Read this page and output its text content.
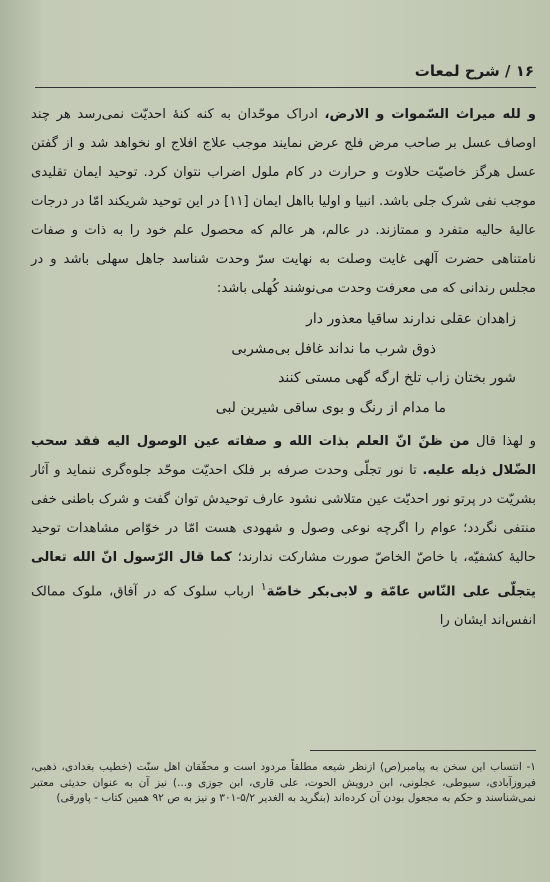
۱۶ / شرح لمعات

و لله میراث السّموات و الارض، ادراک موحّدان به کنه کنهٔ احدیّت نمی‌رسد هر چند اوصاف عسل بر صاحب مرض فلج عرض نمایند موجب علاج افلاج او نخواهد شد و از گفتن عسل هرگز خاصیّت حلاوت و حرارت در کام ملول اضراب نتوان کرد. توحید ایمان تقلیدی موجب نفی شرک جلی باشد. انبیا و اولیا بااهل ایمان [۱۱] در این توحید شریکند امّا در درجات عالیهٔ حالیه متفرد و ممتازند. در عالم، هر عالم که محصول علم خود را به ذات و صفات نامتناهی حضرت آلهی غایت وصلت به نهایت سرّ وحدت شناسد جاهل سهلی باشد و در مجلس رندانی که می معرفت وحدت می‌نوشند کُهلی باشد:

زاهدان عقلی ندارند ساقیا معذور دار
ذوق شرب ما نداند غافل بی‌مشربی
شور بختان زاب تلخ ارگه گهی مستی کنند
ما مدام از رنگ و بوی ساقی شیرین لبی

و لهذا قال من ظنّ انّ العلم بذات الله و صفاته عین الوصول الیه فقد سحب الضّلال ذیله علیه. تا نور تجلّی وحدت صرفه بر فلک احدیّت موحّد جلوه‌گری ننماید و آثار بشریّت در پرتو نور احدیّت عین متلاشی نشود عارف توحیدش توان گفت و شرک باطنی خفی منتفی نگردد؛ عوام را اگرچه نوعی وصول و شهودی هست امّا در خوّاص مشاهدات توحید حالیهٔ کشفیّه، با خاصّ الخاصّ صورت مشارکت ندارند؛ کما قال الرّسول انّ الله تعالی یتجلّی علی النّاس عامّة و لابی‌بکر خاصّة$^۱$ ارباب سلوک که در آفاق، ملوک ممالک انفس‌اند ایشان را

۱- انتساب این سخن به پیامبر(ص) ازنظر شیعه مطلقاً مردود است و محقّقان اهل سنّت (خطیب بغدادی، ذهبی، فیروزآبادی، سیوطی، عجلونی، ابن درویش الحوت، علی قاری، ابن جوزی و...) نیز آن به عنوان حدیثی معتبر نمی‌شناسند و حکم به مجعول بودن آن کرده‌اند (بنگرید به الغدیر ۵/۲-۳۰۱ و نیز به ص ۹۲ همین کتاب - پاورقی)
